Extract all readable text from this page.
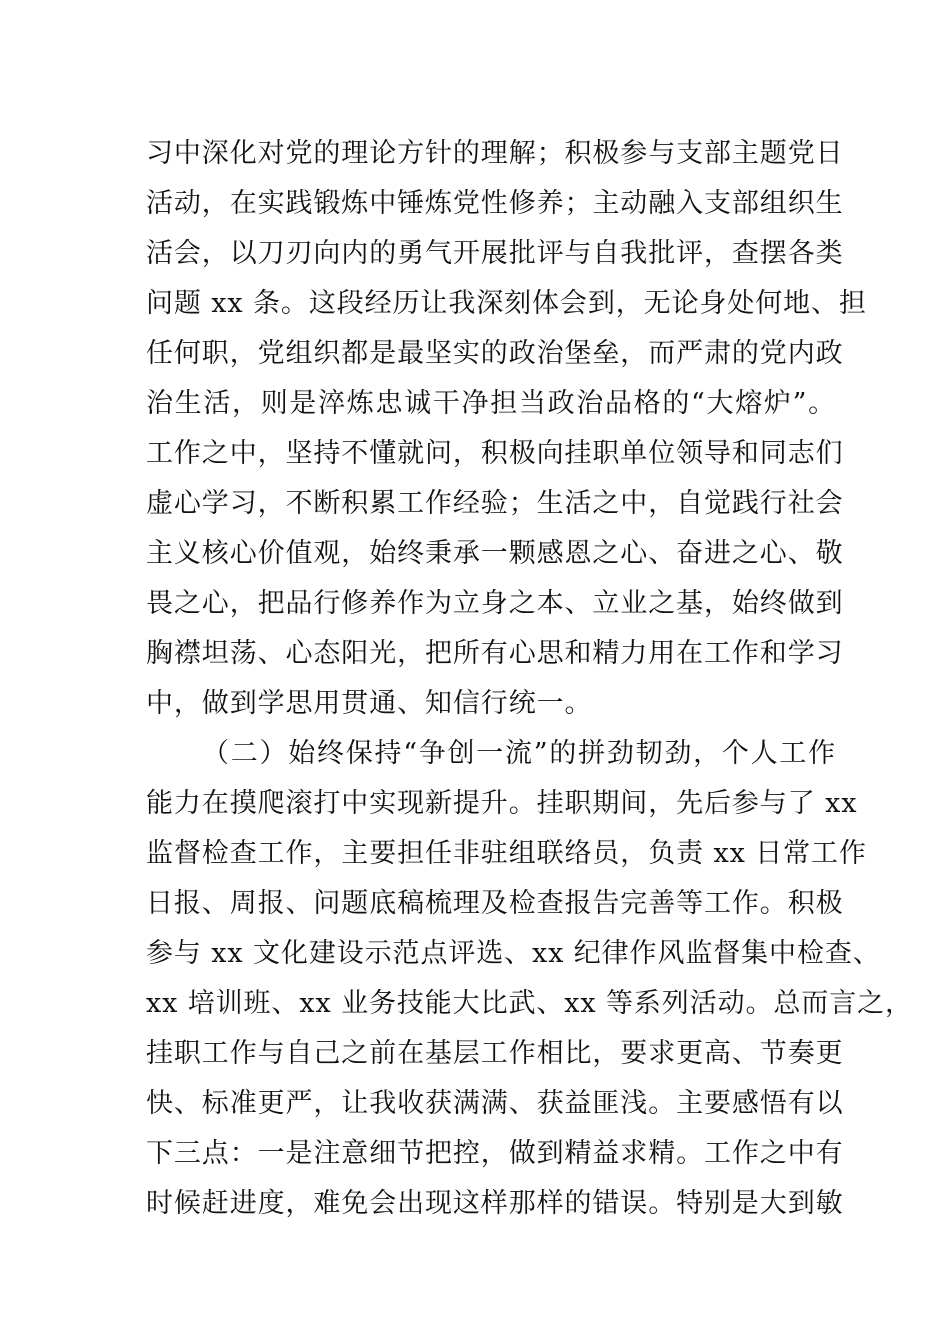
习中深化对党的理论方针的理解；积极参与支部主题党日
活动，在实践锻炼中锤炼党性修养；主动融入支部组织生
活会，以刀刃向内的勇气开展批评与自我批评，查摆各类
问题 xx 条。这段经历让我深刻体会到，无论身处何地、担
任何职，党组织都是最坚实的政治堡垒，而严肃的党内政
治生活，则是淬炼忠诚干净担当政治品格的“大熔炉”。
工作之中，坚持不懂就问，积极向挂职单位领导和同志们
虚心学习，不断积累工作经验；生活之中，自觉践行社会
主义核心价值观，始终秉承一颗感恩之心、奋进之心、敬
畏之心，把品行修养作为立身之本、立业之基，始终做到
胸襟坦荡、心态阳光，把所有心思和精力用在工作和学习
中，做到学思用贯通、知信行统一。
（二）始终保持“争创一流”的拼劲韧劲，个人工作
能力在摸爬滚打中实现新提升。挂职期间，先后参与了 xx
监督检查工作，主要担任非驻组联络员，负责 xx 日常工作
日报、周报、问题底稿梳理及检查报告完善等工作。积极
参与 xx 文化建设示范点评选、xx 纪律作风监督集中检查、
xx 培训班、xx 业务技能大比武、xx 等系列活动。总而言之，
挂职工作与自己之前在基层工作相比，要求更高、节奏更
快、标准更严，让我收获满满、获益匪浅。主要感悟有以
下三点：一是注意细节把控，做到精益求精。工作之中有
时候赶进度，难免会出现这样那样的错误。特别是大到敏
